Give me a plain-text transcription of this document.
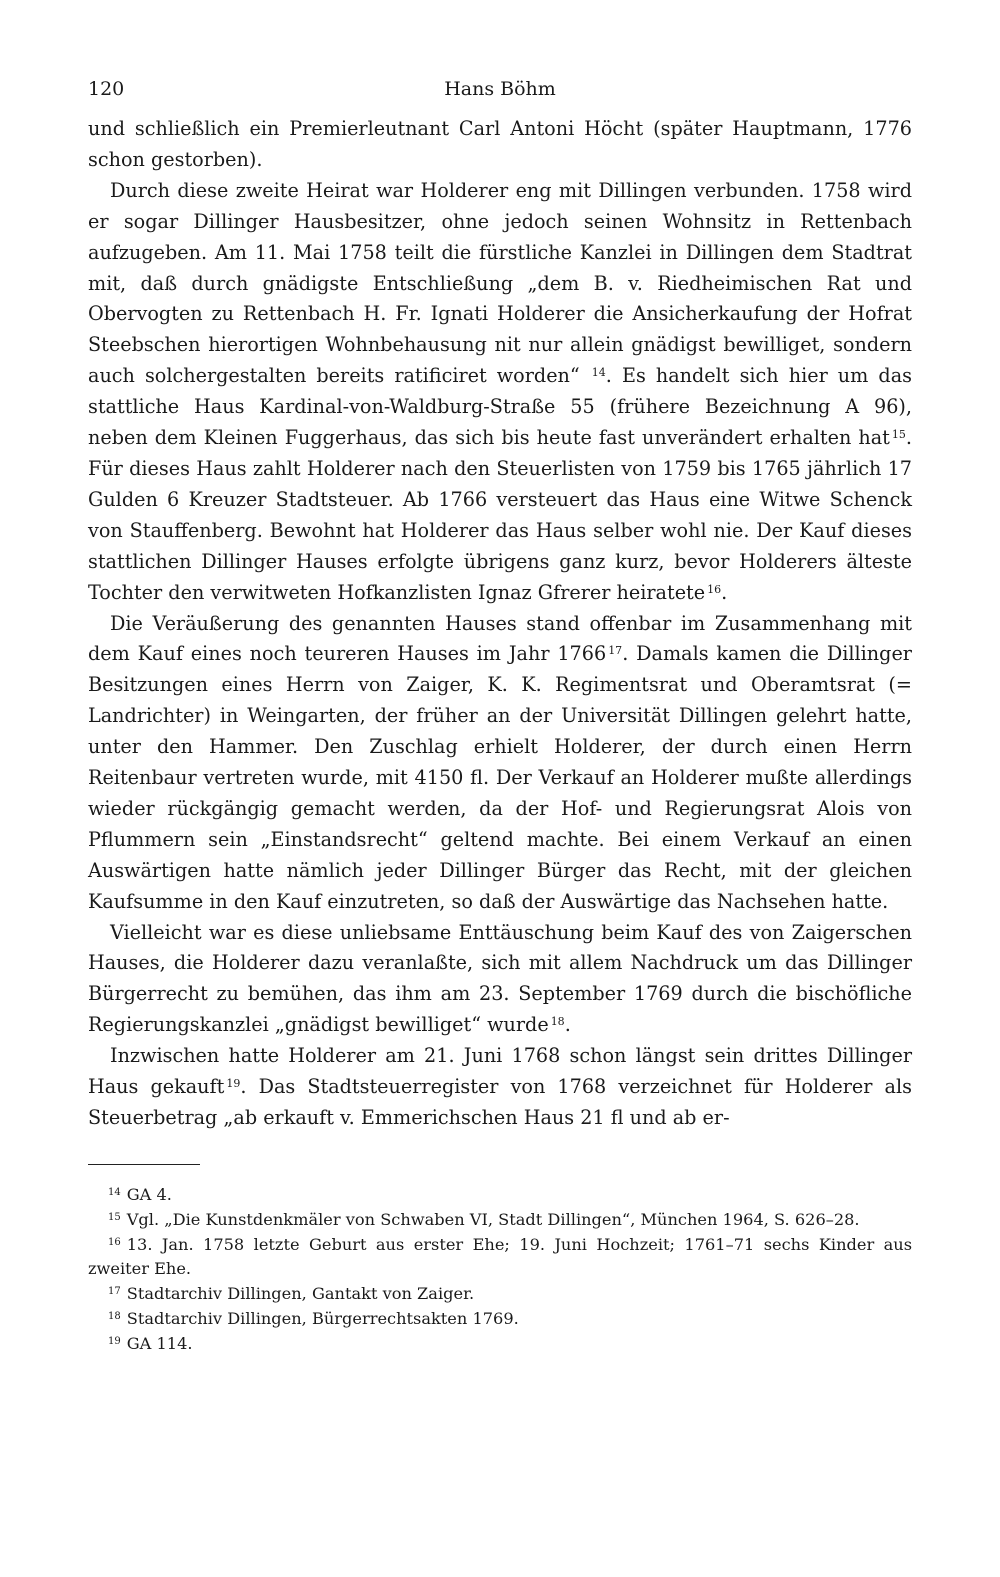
120	Hans Böhm

und schließlich ein Premierleutnant Carl Antoni Höcht (später Hauptmann, 1776 schon gestorben).

Durch diese zweite Heirat war Holderer eng mit Dillingen verbunden. 1758 wird er sogar Dillinger Hausbesitzer, ohne jedoch seinen Wohnsitz in Rettenbach aufzugeben. Am 11. Mai 1758 teilt die fürstliche Kanzlei in Dillingen dem Stadtrat mit, daß durch gnädigste Entschließung „dem B. v. Riedheimischen Rat und Obervogten zu Rettenbach H. Fr. Ignati Holderer die Ansicherkaufung der Hofrat Steebschen hierortigen Wohnbehausung nit nur allein gnädigst bewilliget, sondern auch solchergestalten bereits ratificiret worden“ $^{14}$. Es handelt sich hier um das stattliche Haus Kardinal-von-Waldburg-Straße 55 (frühere Bezeichnung A 96), neben dem Kleinen Fuggerhaus, das sich bis heute fast unverändert erhalten hat $^{15}$. Für dieses Haus zahlt Holderer nach den Steuerlisten von 1759 bis 1765 jährlich 17 Gulden 6 Kreuzer Stadtsteuer. Ab 1766 versteuert das Haus eine Witwe Schenck von Stauffenberg. Bewohnt hat Holderer das Haus selber wohl nie. Der Kauf dieses stattlichen Dillinger Hauses erfolgte übrigens ganz kurz, bevor Holderers älteste Tochter den verwitweten Hofkanzlisten Ignaz Gfrerer heiratete $^{16}$.

Die Veräußerung des genannten Hauses stand offenbar im Zusammenhang mit dem Kauf eines noch teureren Hauses im Jahr 1766 $^{17}$. Damals kamen die Dillinger Besitzungen eines Herrn von Zaiger, K. K. Regimentsrat und Oberamtsrat (= Landrichter) in Weingarten, der früher an der Universität Dillingen gelehrt hatte, unter den Hammer. Den Zuschlag erhielt Holderer, der durch einen Herrn Reitenbaur vertreten wurde, mit 4150 fl. Der Verkauf an Holderer mußte allerdings wieder rückgängig gemacht werden, da der Hof- und Regierungsrat Alois von Pflummern sein „Einstandsrecht“ geltend machte. Bei einem Verkauf an einen Auswärtigen hatte nämlich jeder Dillinger Bürger das Recht, mit der gleichen Kaufsumme in den Kauf einzutreten, so daß der Auswärtige das Nachsehen hatte.

Vielleicht war es diese unliebsame Enttäuschung beim Kauf des von Zaigerschen Hauses, die Holderer dazu veranlaßte, sich mit allem Nachdruck um das Dillinger Bürgerrecht zu bemühen, das ihm am 23. September 1769 durch die bischöfliche Regierungskanzlei „gnädigst bewilliget“ wurde $^{18}$.

Inzwischen hatte Holderer am 21. Juni 1768 schon längst sein drittes Dillinger Haus gekauft $^{19}$. Das Stadtsteuerregister von 1768 verzeichnet für Holderer als Steuerbetrag „ab erkauft v. Emmerichschen Haus 21 fl und ab er-

$^{14}$ GA 4.
$^{15}$ Vgl. „Die Kunstdenkmäler von Schwaben VI, Stadt Dillingen“, München 1964, S. 626–28.
$^{16}$ 13. Jan. 1758 letzte Geburt aus erster Ehe; 19. Juni Hochzeit; 1761–71 sechs Kinder aus zweiter Ehe.
$^{17}$ Stadtarchiv Dillingen, Gantakt von Zaiger.
$^{18}$ Stadtarchiv Dillingen, Bürgerrechtsakten 1769.
$^{19}$ GA 114.
